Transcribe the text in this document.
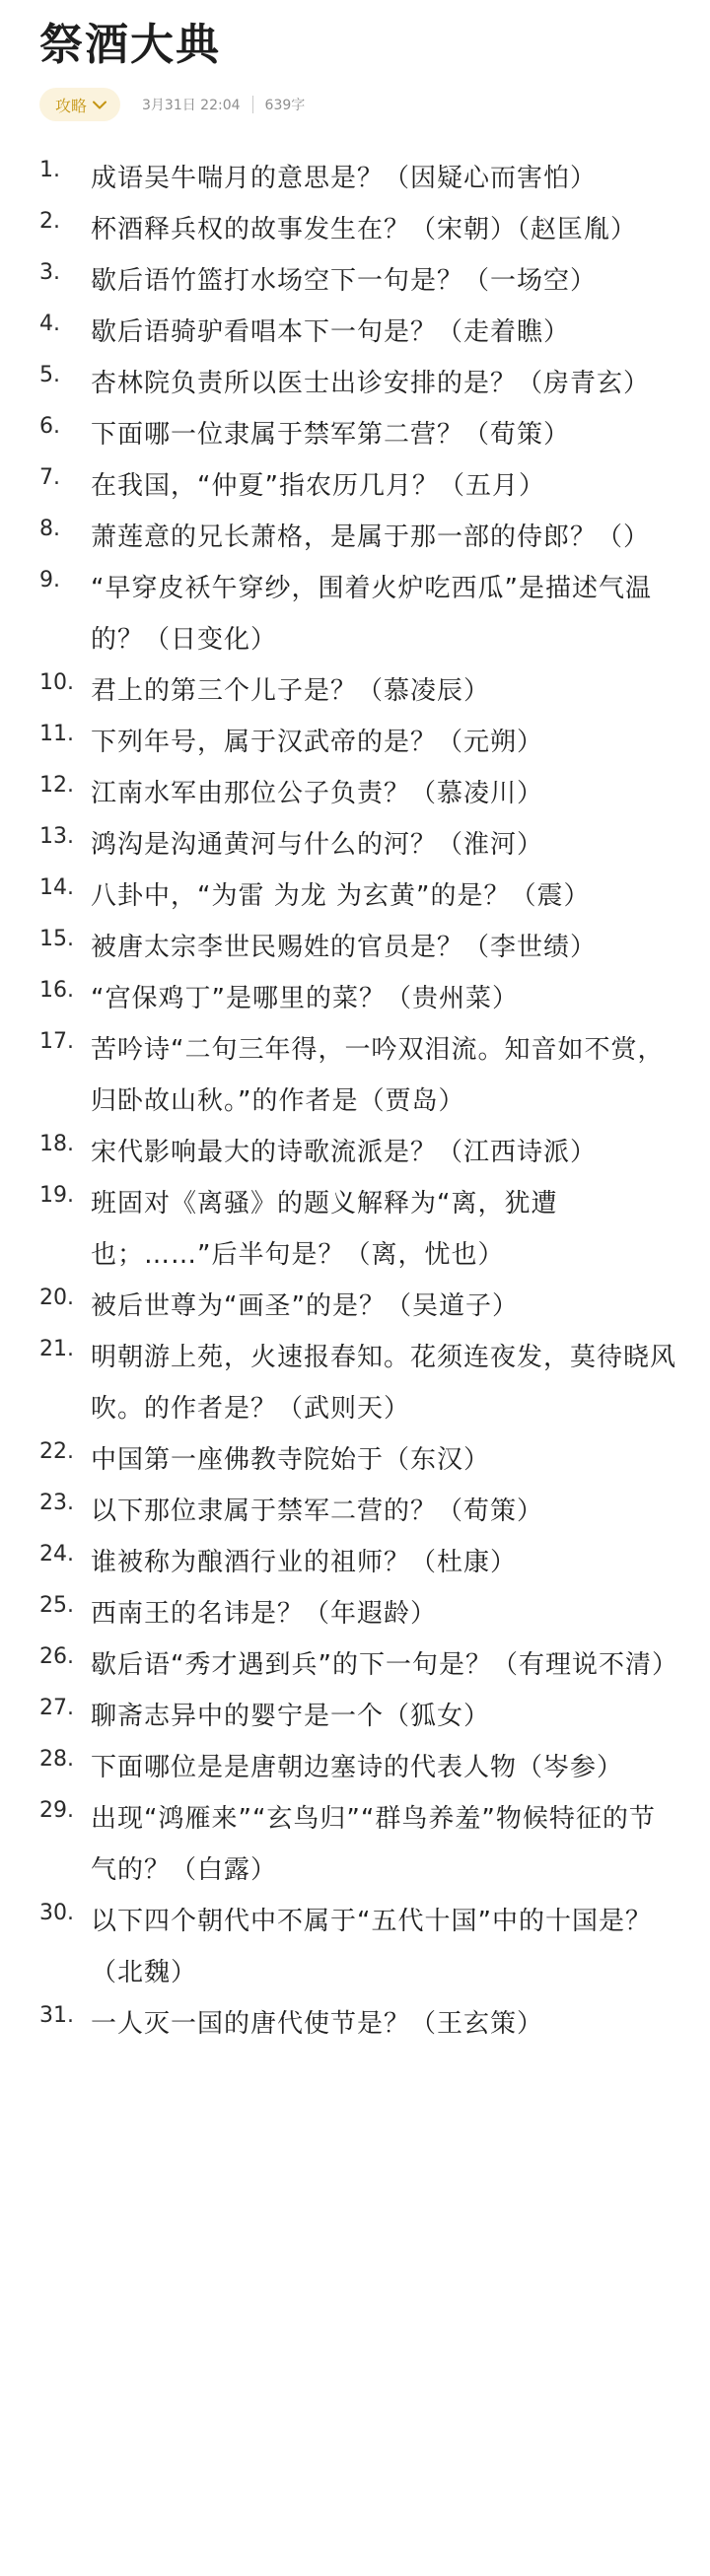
祭酒大典
攻略	3月31日 22:04 639字
1.	成语吴牛喘月的意思是？（因疑心而害怕）
2.	杯酒释兵权的故事发生在？（宋朝）（赵匡胤）
3.	歇后语竹篮打水场空下一句是？（一场空）
4.	歇后语骑驴看唱本下一句是？（走着瞧）
5.	杏林院负责所以医士出诊安排的是？（房青玄）
6.	下面哪一位隶属于禁军第二营？（荀策）
7.	在我国，“仲夏”指农历几月？（五月）
8.	萧莲意的兄长萧格，是属于那一部的侍郎？（）
9.	“早穿皮袄午穿纱，围着火炉吃西瓜”是描述气温的？（日变化）
10. 君上的第三个儿子是？（慕凌辰）
11. 下列年号，属于汉武帝的是？（元朔）
12. 江南水军由那位公子负责？（慕凌川）
13. 鸿沟是沟通黄河与什么的河？（淮河）
14. 八卦中，“为雷 为龙 为玄黄”的是？（震）
15. 被唐太宗李世民赐姓的官员是？（李世绩）
16. “宫保鸡丁”是哪里的菜？（贵州菜）
17. 苦吟诗“二句三年得，一吟双泪流。知音如不赏，归卧故山秋。”的作者是（贾岛）
18. 宋代影响最大的诗歌流派是？（江西诗派）
19. 班固对《离骚》的题义解释为“离，犹遭也；……”后半句是？（离，忧也）
20. 被后世尊为“画圣”的是？（吴道子）
21. 明朝游上苑，火速报春知。花须连夜发，莫待晓风吹。的作者是？（武则天）
22. 中国第一座佛教寺院始于（东汉）
23. 以下那位隶属于禁军二营的？（荀策）
24. 谁被称为酿酒行业的祖师？（杜康）
25. 西南王的名讳是？（年遐龄）
26. 歇后语“秀才遇到兵”的下一句是？（有理说不清）
27. 聊斋志异中的婴宁是一个（狐女）
28. 下面哪位是是唐朝边塞诗的代表人物（岑参）
29. 出现“鸿雁来”“玄鸟归”“群鸟养羞”物候特征的节气的？（白露）
30. 以下四个朝代中不属于“五代十国”中的十国是？（北魏）
31. 一人灭一国的唐代使节是？（王玄策）
